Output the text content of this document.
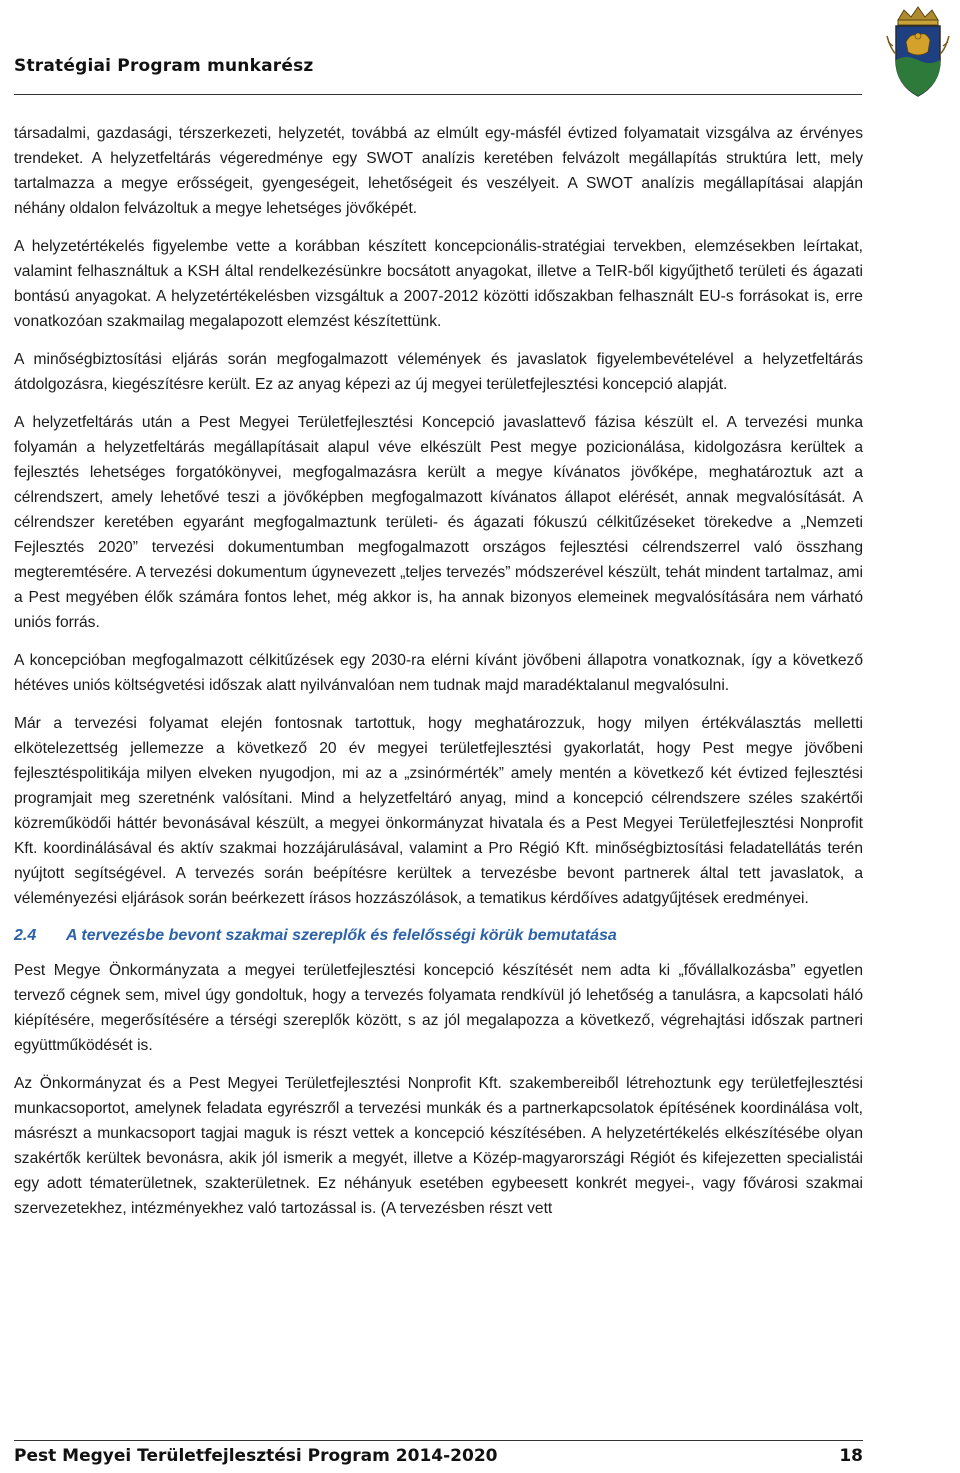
Stratégiai Program munkarész

társadalmi, gazdasági, térszerkezeti, helyzetét, továbbá az elmúlt egy-másfél évtized folyamatait vizsgálva az érvényes trendeket. A helyzetfeltárás végeredménye egy SWOT analízis keretében felvázolt megállapítás struktúra lett, mely tartalmazza a megye erősségeit, gyengeségeit, lehetőségeit és veszélyeit. A SWOT analízis megállapításai alapján néhány oldalon felvázoltuk a megye lehetséges jövőképét.

A helyzetértékelés figyelembe vette a korábban készített koncepcionális-stratégiai tervekben, elemzésekben leírtakat, valamint felhasználtuk a KSH által rendelkezésünkre bocsátott anyagokat, illetve a TeIR-ből kigyűjthető területi és ágazati bontású anyagokat. A helyzetértékelésben vizsgáltuk a 2007-2012 közötti időszakban felhasznált EU-s forrásokat is, erre vonatkozóan szakmailag megalapozott elemzést készítettünk.

A minőségbiztosítási eljárás során megfogalmazott vélemények és javaslatok figyelembevételével a helyzetfeltárás átdolgozásra, kiegészítésre került. Ez az anyag képezi az új megyei területfejlesztési koncepció alapját.

A helyzetfeltárás után a Pest Megyei Területfejlesztési Koncepció javaslattevő fázisa készült el. A tervezési munka folyamán a helyzetfeltárás megállapításait alapul véve elkészült Pest megye pozicionálása, kidolgozásra kerültek a fejlesztés lehetséges forgatókönyvei, megfogalmazásra került a megye kívánatos jövőképe, meghatároztuk azt a célrendszert, amely lehetővé teszi a jövőképben megfogalmazott kívánatos állapot elérését, annak megvalósítását. A célrendszer keretében egyaránt megfogalmaztunk területi- és ágazati fókuszú célkitűzéseket törekedve a „Nemzeti Fejlesztés 2020” tervezési dokumentumban megfogalmazott országos fejlesztési célrendszerrel való összhang megteremtésére. A tervezési dokumentum úgynevezett „teljes tervezés” módszerével készült, tehát mindent tartalmaz, ami a Pest megyében élők számára fontos lehet, még akkor is, ha annak bizonyos elemeinek megvalósítására nem várható uniós forrás.

A koncepcióban megfogalmazott célkitűzések egy 2030-ra elérni kívánt jövőbeni állapotra vonatkoznak, így a következő hétéves uniós költségvetési időszak alatt nyilvánvalóan nem tudnak majd maradéktalanul megvalósulni.

Már a tervezési folyamat elején fontosnak tartottuk, hogy meghatározzuk, hogy milyen értékválasztás melletti elkötelezettség jellemezze a következő 20 év megyei területfejlesztési gyakorlatát, hogy Pest megye jövőbeni fejlesztéspolitikája milyen elveken nyugodjon, mi az a „zsinórmérték” amely mentén a következő két évtized fejlesztési programjait meg szeretnénk valósítani. Mind a helyzetfeltáró anyag, mind a koncepció célrendszere széles szakértői közreműködői háttér bevonásával készült, a megyei önkormányzat hivatala és a Pest Megyei Területfejlesztési Nonprofit Kft. koordinálásával és aktív szakmai hozzájárulásával, valamint a Pro Régió Kft. minőségbiztosítási feladatellátás terén nyújtott segítségével. A tervezés során beépítésre kerültek a tervezésbe bevont partnerek által tett javaslatok, a véleményezési eljárások során beérkezett írásos hozzászólások, a tematikus kérdőíves adatgyűjtések eredményei.

2.4 A tervezésbe bevont szakmai szereplők és felelősségi körük bemutatása

Pest Megye Önkormányzata a megyei területfejlesztési koncepció készítését nem adta ki „fővállalkozásba” egyetlen tervező cégnek sem, mivel úgy gondoltuk, hogy a tervezés folyamata rendkívül jó lehetőség a tanulásra, a kapcsolati háló kiépítésére, megerősítésére a térségi szereplők között, s az jól megalapozza a következő, végrehajtási időszak partneri együttműködését is.

Az Önkormányzat és a Pest Megyei Területfejlesztési Nonprofit Kft. szakembereiből létrehoztunk egy területfejlesztési munkacsoportot, amelynek feladata egyrészről a tervezési munkák és a partnerkapcsolatok építésének koordinálása volt, másrészt a munkacsoport tagjai maguk is részt vettek a koncepció készítésében. A helyzetértékelés elkészítésébe olyan szakértők kerültek bevonásra, akik jól ismerik a megyét, illetve a Közép-magyarországi Régiót és kifejezetten specialistái egy adott tématerületnek, szakterületnek. Ez néhányuk esetében egybeesett konkrét megyei-, vagy fővárosi szakmai szervezetekhez, intézményekhez való tartozással is. (A tervezésben részt vett

Pest Megyei Területfejlesztési Program 2014-2020	18
